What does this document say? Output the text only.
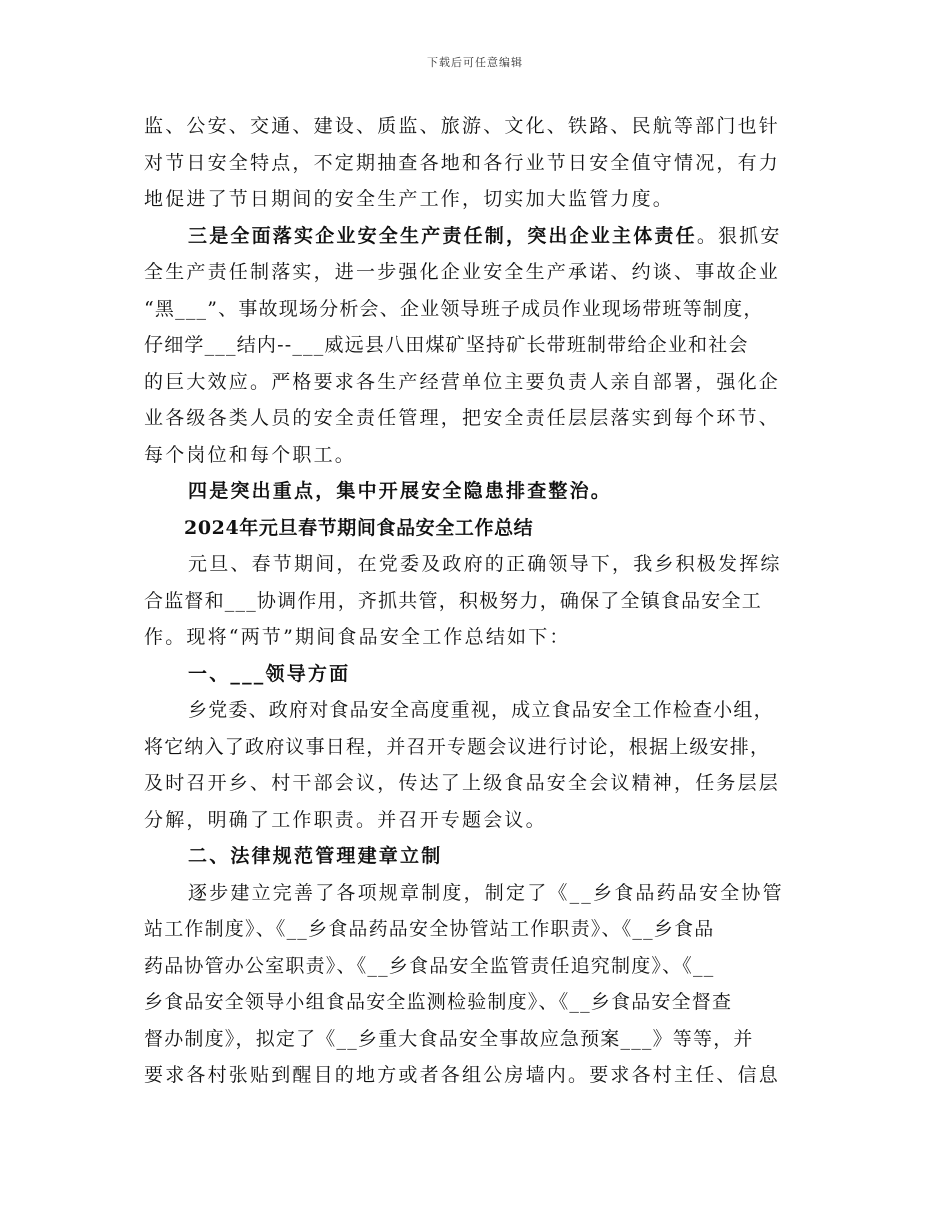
下载后可任意编辑
监、公安、交通、建设、质监、旅游、文化、铁路、民航等部门也针
对节日安全特点，不定期抽查各地和各行业节日安全值守情况，有力
地促进了节日期间的安全生产工作，切实加大监管力度。
三是全面落实企业安全生产责任制，突出企业主体责任。狠抓安
全生产责任制落实，进一步强化企业安全生产承诺、约谈、事故企业
“黑___”、事故现场分析会、企业领导班子成员作业现场带班等制度，
仔细学___结内--___威远县八田煤矿坚持矿长带班制带给企业和社会
的巨大效应。严格要求各生产经营单位主要负责人亲自部署，强化企
业各级各类人员的安全责任管理，把安全责任层层落实到每个环节、
每个岗位和每个职工。
四是突出重点，集中开展安全隐患排查整治。
2024年元旦春节期间食品安全工作总结
元旦、春节期间，在党委及政府的正确领导下，我乡积极发挥综
合监督和___协调作用，齐抓共管，积极努力，确保了全镇食品安全工
作。现将“两节”期间食品安全工作总结如下：
一、___领导方面
乡党委、政府对食品安全高度重视，成立食品安全工作检查小组，
将它纳入了政府议事日程，并召开专题会议进行讨论，根据上级安排，
及时召开乡、村干部会议，传达了上级食品安全会议精神，任务层层
分解，明确了工作职责。并召开专题会议。
二、法律规范管理建章立制
逐步建立完善了各项规章制度，制定了《__乡食品药品安全协管
站工作制度》、《__乡食品药品安全协管站工作职责》、《__乡食品
药品协管办公室职责》、《__乡食品安全监管责任追究制度》、《__
乡食品安全领导小组食品安全监测检验制度》、《__乡食品安全督查
督办制度》，拟定了《__乡重大食品安全事故应急预案___》等等，并
要求各村张贴到醒目的地方或者各组公房墙内。要求各村主任、信息
